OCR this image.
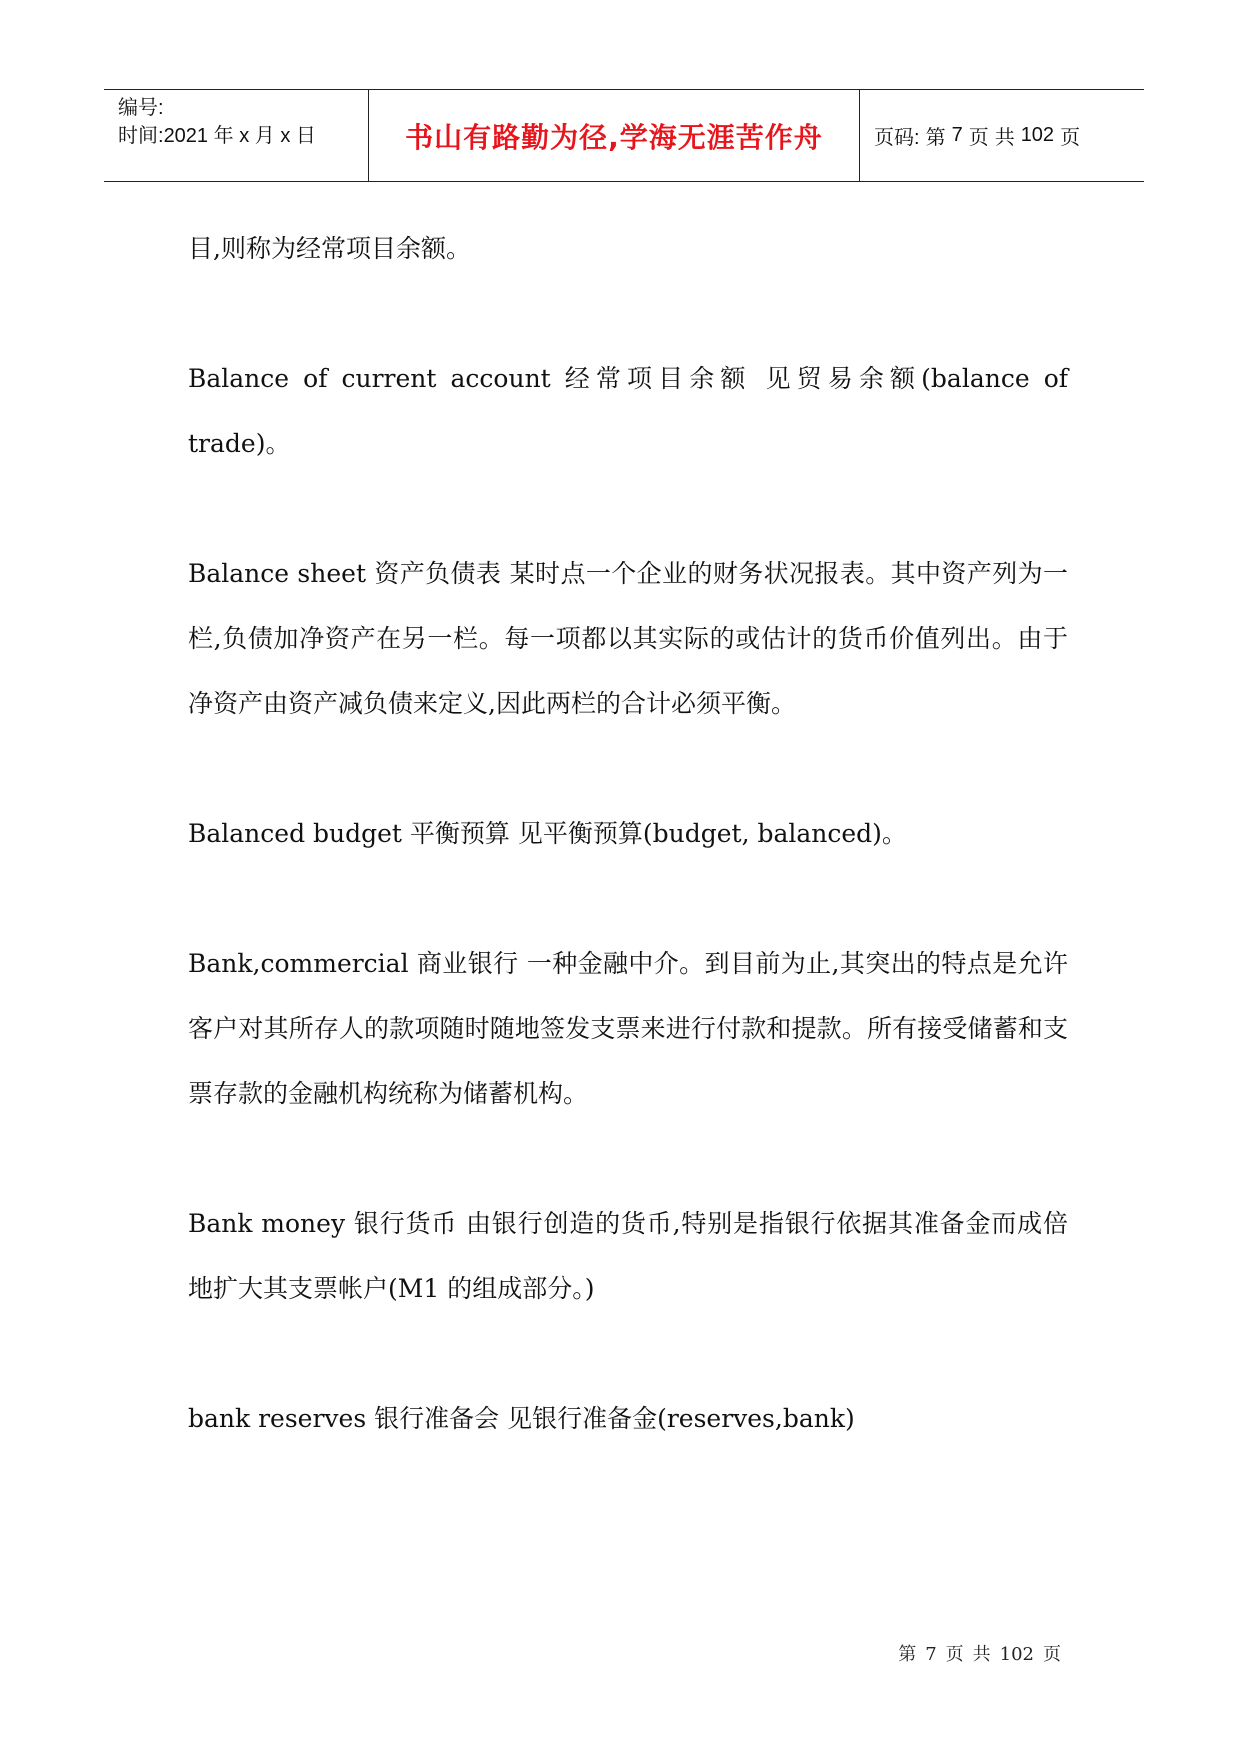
编号:
时间:2021 年 x 月 x 日	书山有路勤为径,学海无涯苦作舟	页码: 第 7 页 共 102 页

目,则称为经常项目余额。

Balance of current account 经常项目余额 见贸易余额(balance of trade)。

Balance sheet 资产负债表 某时点一个企业的财务状况报表。其中资产列为一栏,负债加净资产在另一栏。每一项都以其实际的或估计的货币价值列出。由于净资产由资产减负债来定义,因此两栏的合计必须平衡。

Balanced budget 平衡预算 见平衡预算(budget, balanced)。

Bank,commercial 商业银行 一种金融中介。到目前为止,其突出的特点是允许客户对其所存人的款项随时随地签发支票来进行付款和提款。所有接受储蓄和支票存款的金融机构统称为储蓄机构。

Bank money 银行货币 由银行创造的货币,特别是指银行依据其准备金而成倍地扩大其支票帐户(M1 的组成部分。)

bank reserves 银行准备会 见银行准备金(reserves,bank)

第 7 页 共 102 页
